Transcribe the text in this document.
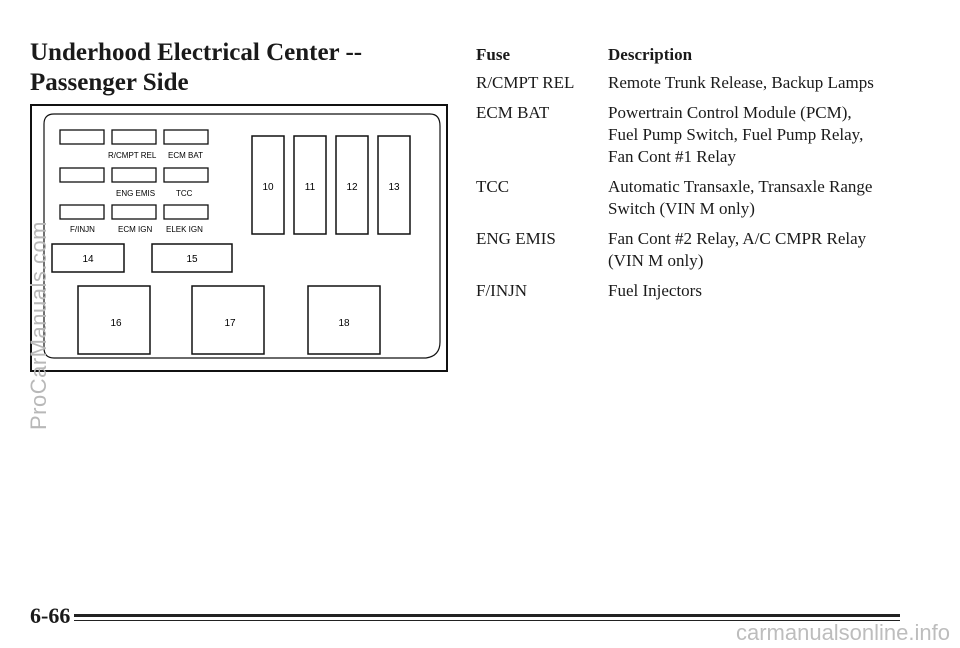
Underhood Electrical Center -- Passenger Side
R/CMPT REL ECM BAT
ENG EMIS	TCC
F/INJN	ECM IGN ELEK IGN
10	11	12	13
14	15
16	17	18
Fuse	Description
R/CMPT REL	Remote Trunk Release, Backup Lamps
ECM BAT	Powertrain Control Module (PCM), Fuel Pump Switch, Fuel Pump Relay, Fan Cont #1 Relay
TCC	Automatic Transaxle, Transaxle Range Switch (VIN M only)
ENG EMIS	Fan Cont #2 Relay, A/C CMPR Relay (VIN M only)
F/INJN	Fuel Injectors
ProCarManuals.com
6-66
carmanualsonline.info
